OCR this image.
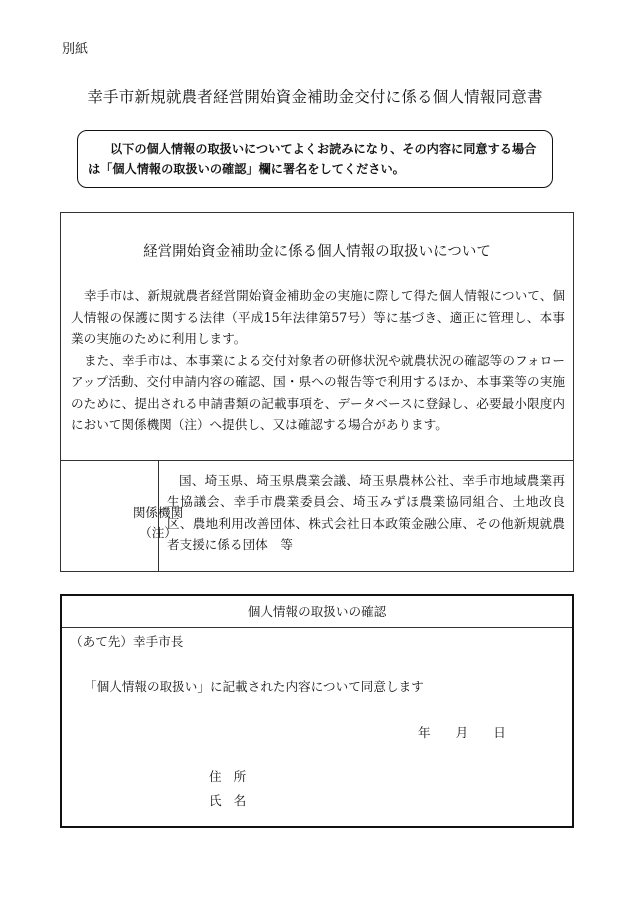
別紙
幸手市新規就農者経営開始資金補助金交付に係る個人情報同意書
以下の個人情報の取扱いについてよくお読みになり、その内容に同意する場合
は「個人情報の取扱いの確認」欄に署名をしてください。
経営開始資金補助金に係る個人情報の取扱いについて

幸手市は、新規就農者経営開始資金補助金の実施に際して得た個人情報について、個人情報の保護に関する法律（平成15年法律第57号）等に基づき、適正に管理し、本事業の実施のために利用します。

また、幸手市は、本事業による交付対象者の研修状況や就農状況の確認等のフォローアップ活動、交付申請内容の確認、国・県への報告等で利用するほか、本事業等の実施のために、提出される申請書類の記載事項を、データベースに登録し、必要最小限度内において関係機関（注）へ提供し、又は確認する場合があります。

関係機関
（注）
国、埼玉県、埼玉県農業会議、埼玉県農林公社、幸手市地域農業再生協議会、幸手市農業委員会、埼玉みずほ農業協同組合、土地改良区、農地利用改善団体、株式会社日本政策金融公庫、その他新規就農者支援に係る団体　等
個人情報の取扱いの確認
（あて先）幸手市長
「個人情報の取扱い」に記載された内容について同意します
年 月 日
住 所
氏 名
